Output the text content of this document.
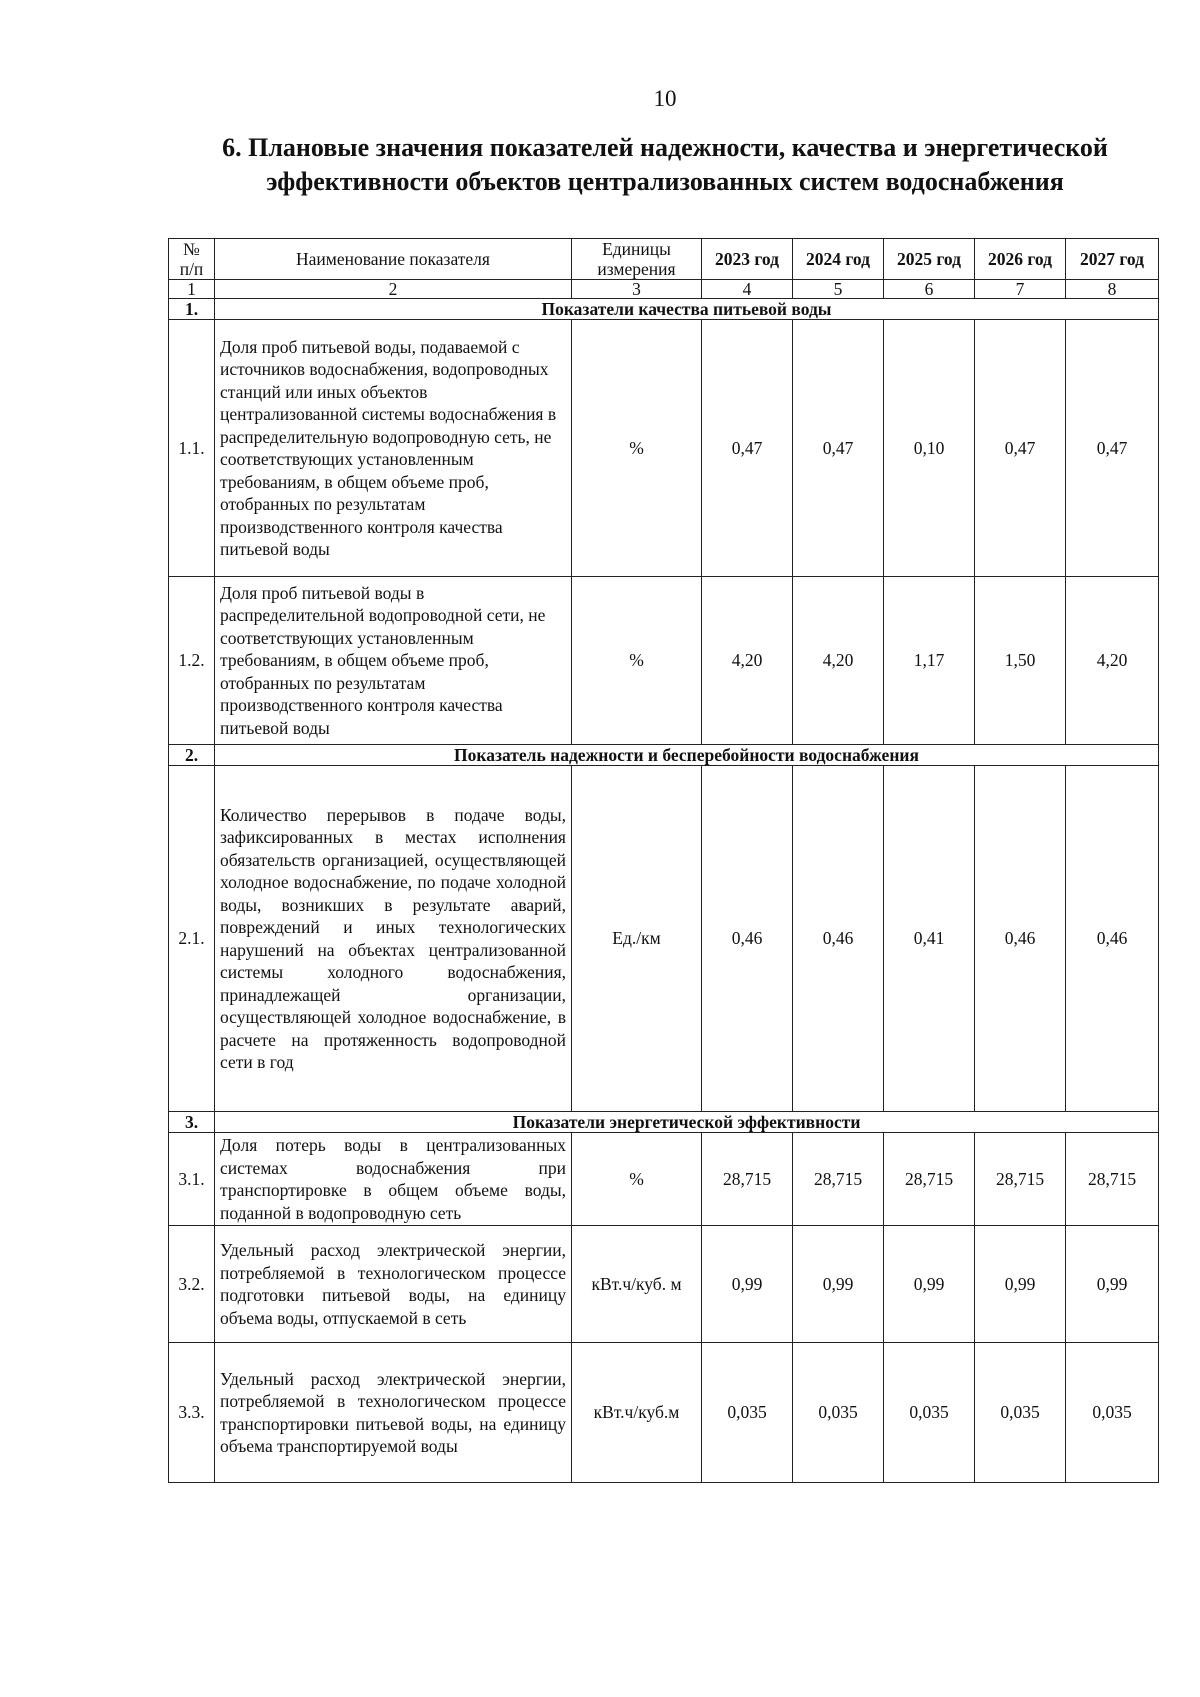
10
6. Плановые значения показателей надежности, качества и энергетической эффективности объектов централизованных систем водоснабжения
№ п/п	Наименование показателя	Единицы измерения	2023 год	2024 год	2025 год	2026 год	2027 год
1	2	3	4	5	6	7	8
1.	Показатели качества питьевой воды						
1.1.	Доля проб питьевой воды, подаваемой с источников водоснабжения, водопроводных станций или иных объектов централизованной системы водоснабжения в распределительную водопроводную сеть, не соответствующих установленным требованиям, в общем объеме проб, отобранных по результатам производственного контроля качества питьевой воды	%	0,47	0,47	0,10	0,47	0,47
1.2.	Доля проб питьевой воды в распределительной водопроводной сети, не соответствующих установленным требованиям, в общем объеме проб, отобранных по результатам производственного контроля качества питьевой воды	%	4,20	4,20	1,17	1,50	4,20
2.	Показатель надежности и бесперебойности водоснабжения						
2.1.	Количество перерывов в подаче воды, зафиксированных в местах исполнения обязательств организацией, осуществляющей холодное водоснабжение, по подаче холодной воды, возникших в результате аварий, повреждений и иных технологических нарушений на объектах централизованной системы холодного водоснабжения, принадлежащей организации, осуществляющей холодное водоснабжение, в расчете на протяженность водопроводной сети в год	Ед./км	0,46	0,46	0,41	0,46	0,46
3.	Показатели энергетической эффективности						
3.1.	Доля потерь воды в централизованных системах водоснабжения при транспортировке в общем объеме воды, поданной в водопроводную сеть	%	28,715	28,715	28,715	28,715	28,715
3.2.	Удельный расход электрической энергии, потребляемой в технологическом процессе подготовки питьевой воды, на единицу объема воды, отпускаемой в сеть	кВт.ч/куб. м	0,99	0,99	0,99	0,99	0,99
3.3.	Удельный расход электрической энергии, потребляемой в технологическом процессе транспортировки питьевой воды, на единицу объема транспортируемой воды	кВт.ч/куб.м	0,035	0,035	0,035	0,035	0,035
